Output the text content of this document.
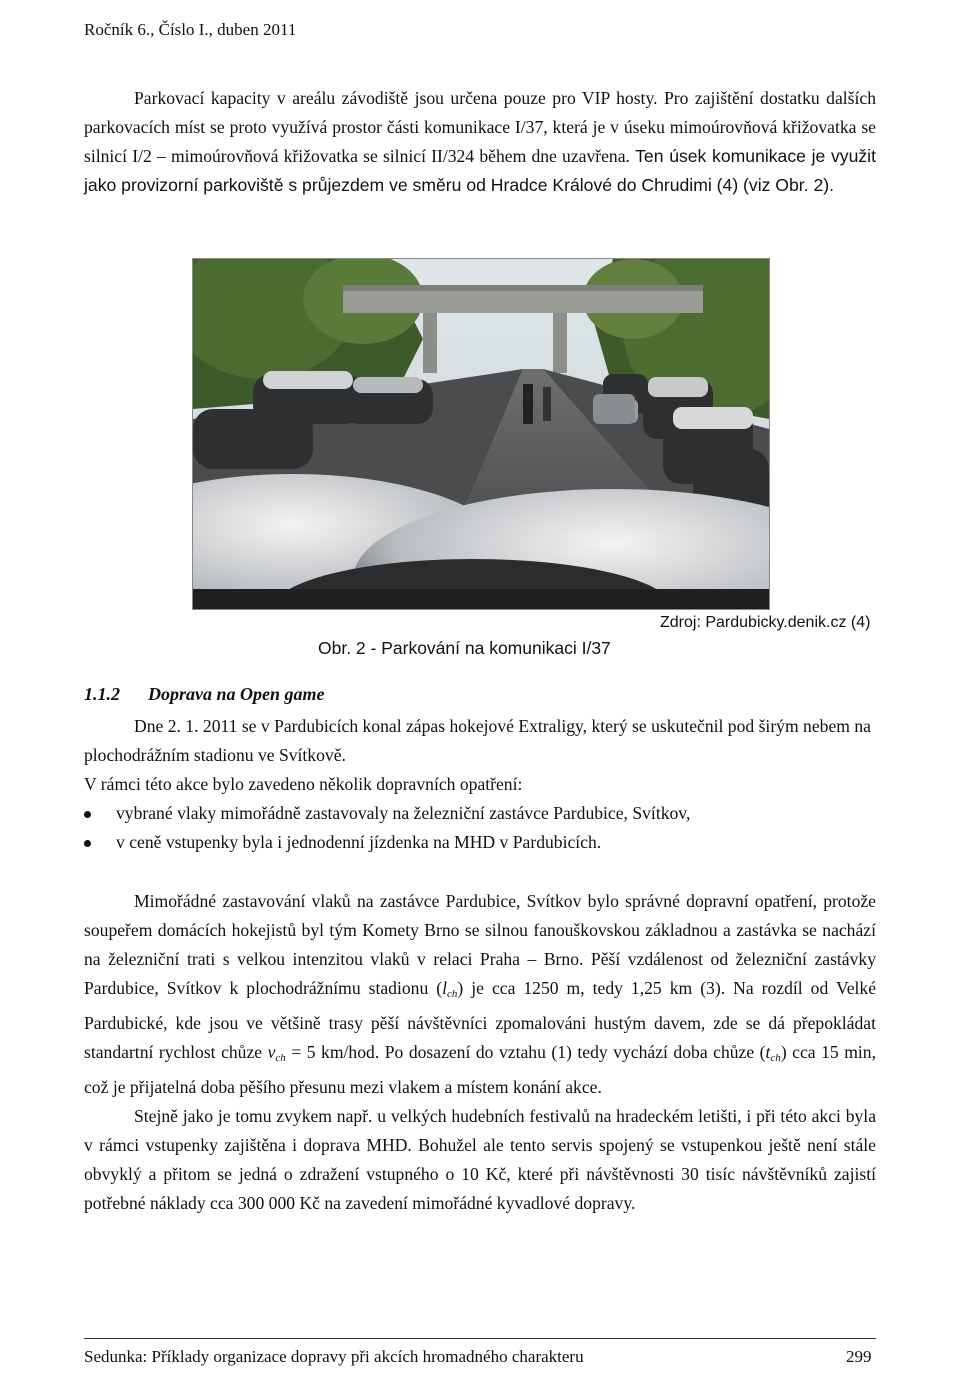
Ročník 6., Číslo I., duben 2011

Parkovací kapacity v areálu závodiště jsou určena pouze pro VIP hosty. Pro zajištění dostatku dalších parkovacích míst se proto využívá prostor části komunikace I/37, která je v úseku mimoúrovňová křižovatka se silnicí I/2 – mimoúrovňová křižovatka se silnicí II/324 během dne uzavřena. Ten úsek komunikace je využit jako provizorní parkoviště s průjezdem ve směru od Hradce Králové do Chrudimi (4) (viz Obr. 2).

Zdroj: Pardubicky.denik.cz (4)
Obr. 2 - Parkování na komunikaci I/37
1.1.2 Doprava na Open game

Dne 2. 1. 2011 se v Pardubicích konal zápas hokejové Extraligy, který se uskutečnil pod širým nebem na plochodrážním stadionu ve Svítkově.

V rámci této akce bylo zavedeno několik dopravních opatření:

vybrané vlaky mimořádně zastavovaly na železniční zastávce Pardubice, Svítkov,
v ceně vstupenky byla i jednodenní jízdenka na MHD v Pardubicích.

Mimořádné zastavování vlaků na zastávce Pardubice, Svítkov bylo správné dopravní opatření, protože soupeřem domácích hokejistů byl tým Komety Brno se silnou fanouškovskou základnou a zastávka se nachází na železniční trati s velkou intenzitou vlaků v relaci Praha – Brno. Pěší vzdálenost od železniční zastávky Pardubice, Svítkov k plochodrážnímu stadionu $(l_{ch})$ je cca 1250 m, tedy 1,25 km (3). Na rozdíl od Velké Pardubické, kde jsou ve většině trasy pěší návštěvníci zpomalováni hustým davem, zde se dá přepokládat standartní rychlost chůze $v_{ch} = 5$ km/hod. Po dosazení do vztahu (1) tedy vychází doba chůze $(t_{ch})$ cca 15 min, což je přijatelná doba pěšího přesunu mezi vlakem a místem konání akce.

Stejně jako je tomu zvykem např. u velkých hudebních festivalů na hradeckém letišti, i při této akci byla v rámci vstupenky zajištěna i doprava MHD. Bohužel ale tento servis spojený se vstupenkou ještě není stále obvyklý a přitom se jedná o zdražení vstupného o 10 Kč, které při návštěvnosti 30 tisíc návštěvníků zajistí potřebné náklady cca 300 000 Kč na zavedení mimořádné kyvadlové dopravy.

Sedunka: Příklady organizace dopravy při akcích hromadného charakteru	299
